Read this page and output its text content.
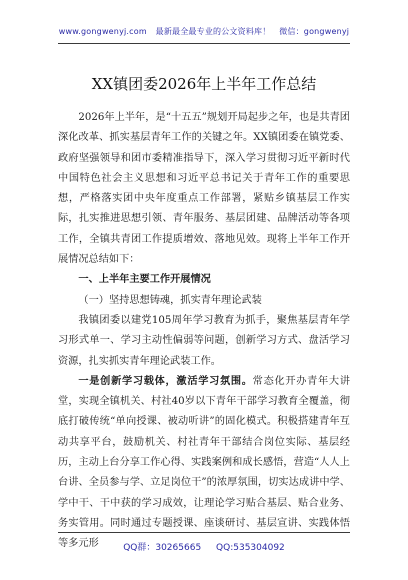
www.gongwenyj.com 最新最全最专业的公文资料库！ 微信：gongwenyj
XX镇团委2026年上半年工作总结

2026年上半年，是“十五五”规划开局起步之年，也是共青团深化改革、抓实基层青年工作的关键之年。XX镇团委在镇党委、政府坚强领导和团市委精准指导下，深入学习贯彻习近平新时代中国特色社会主义思想和习近平总书记关于青年工作的重要思想，严格落实团中央年度重点工作部署，紧贴乡镇基层工作实际，扎实推进思想引领、青年服务、基层团建、品牌活动等各项工作，全镇共青团工作提质增效、落地见效。现将上半年工作开展情况总结如下：

一、上半年主要工作开展情况
（一）坚持思想铸魂，抓实青年理论武装

我镇团委以建党105周年学习教育为抓手，聚焦基层青年学习形式单一、学习主动性偏弱等问题，创新学习方式、盘活学习资源，扎实抓实青年理论武装工作。

一是创新学习载体，激活学习氛围。常态化开办青年大讲堂，实现全镇机关、村社40岁以下青年干部学习教育全覆盖，彻底打破传统“单向授课、被动听讲”的固化模式。积极搭建青年互动共享平台，鼓励机关、村社青年干部结合岗位实际、基层经历，主动上台分享工作心得、实践案例和成长感悟，营造“人人上台讲、全员参与学、立足岗位干”的浓厚氛围，切实达成讲中学、学中干、干中获的学习成效，让理论学习贴合基层、贴合业务、务实管用。同时通过专题授课、座谈研讨、基层宣讲、实践体悟等多元形	QQ群：30265665 QQ:535304092
